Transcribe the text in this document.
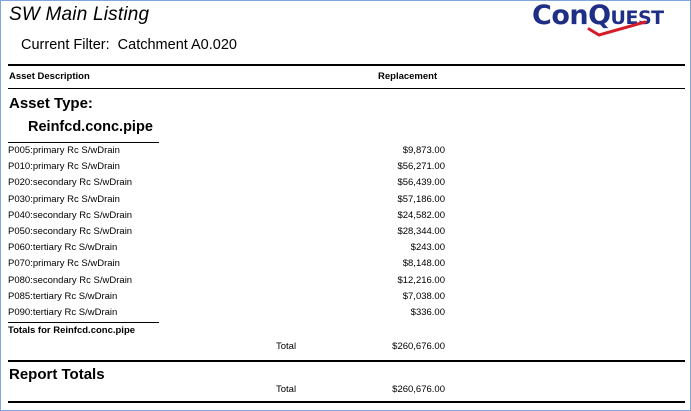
SW Main Listing
Current Filter: Catchment A0.020
ConQUEST
Asset Description	Replacement
Asset Type:
Reinfcd.conc.pipe
P005:primary Rc S/wDrain	$9,873.00
P010:primary Rc S/wDrain	$56,271.00
P020:secondary Rc S/wDrain	$56,439.00
P030:primary Rc S/wDrain	$57,186.00
P040:secondary Rc S/wDrain	$24,582.00
P050:secondary Rc S/wDrain	$28,344.00
P060:tertiary Rc S/wDrain	$243.00
P070:primary Rc S/wDrain	$8,148.00
P080:secondary Rc S/wDrain	$12,216.00
P085:tertiary Rc S/wDrain	$7,038.00
P090:tertiary Rc S/wDrain	$336.00
Totals for Reinfcd.conc.pipe
Total	$260,676.00
Report Totals
Total	$260,676.00
